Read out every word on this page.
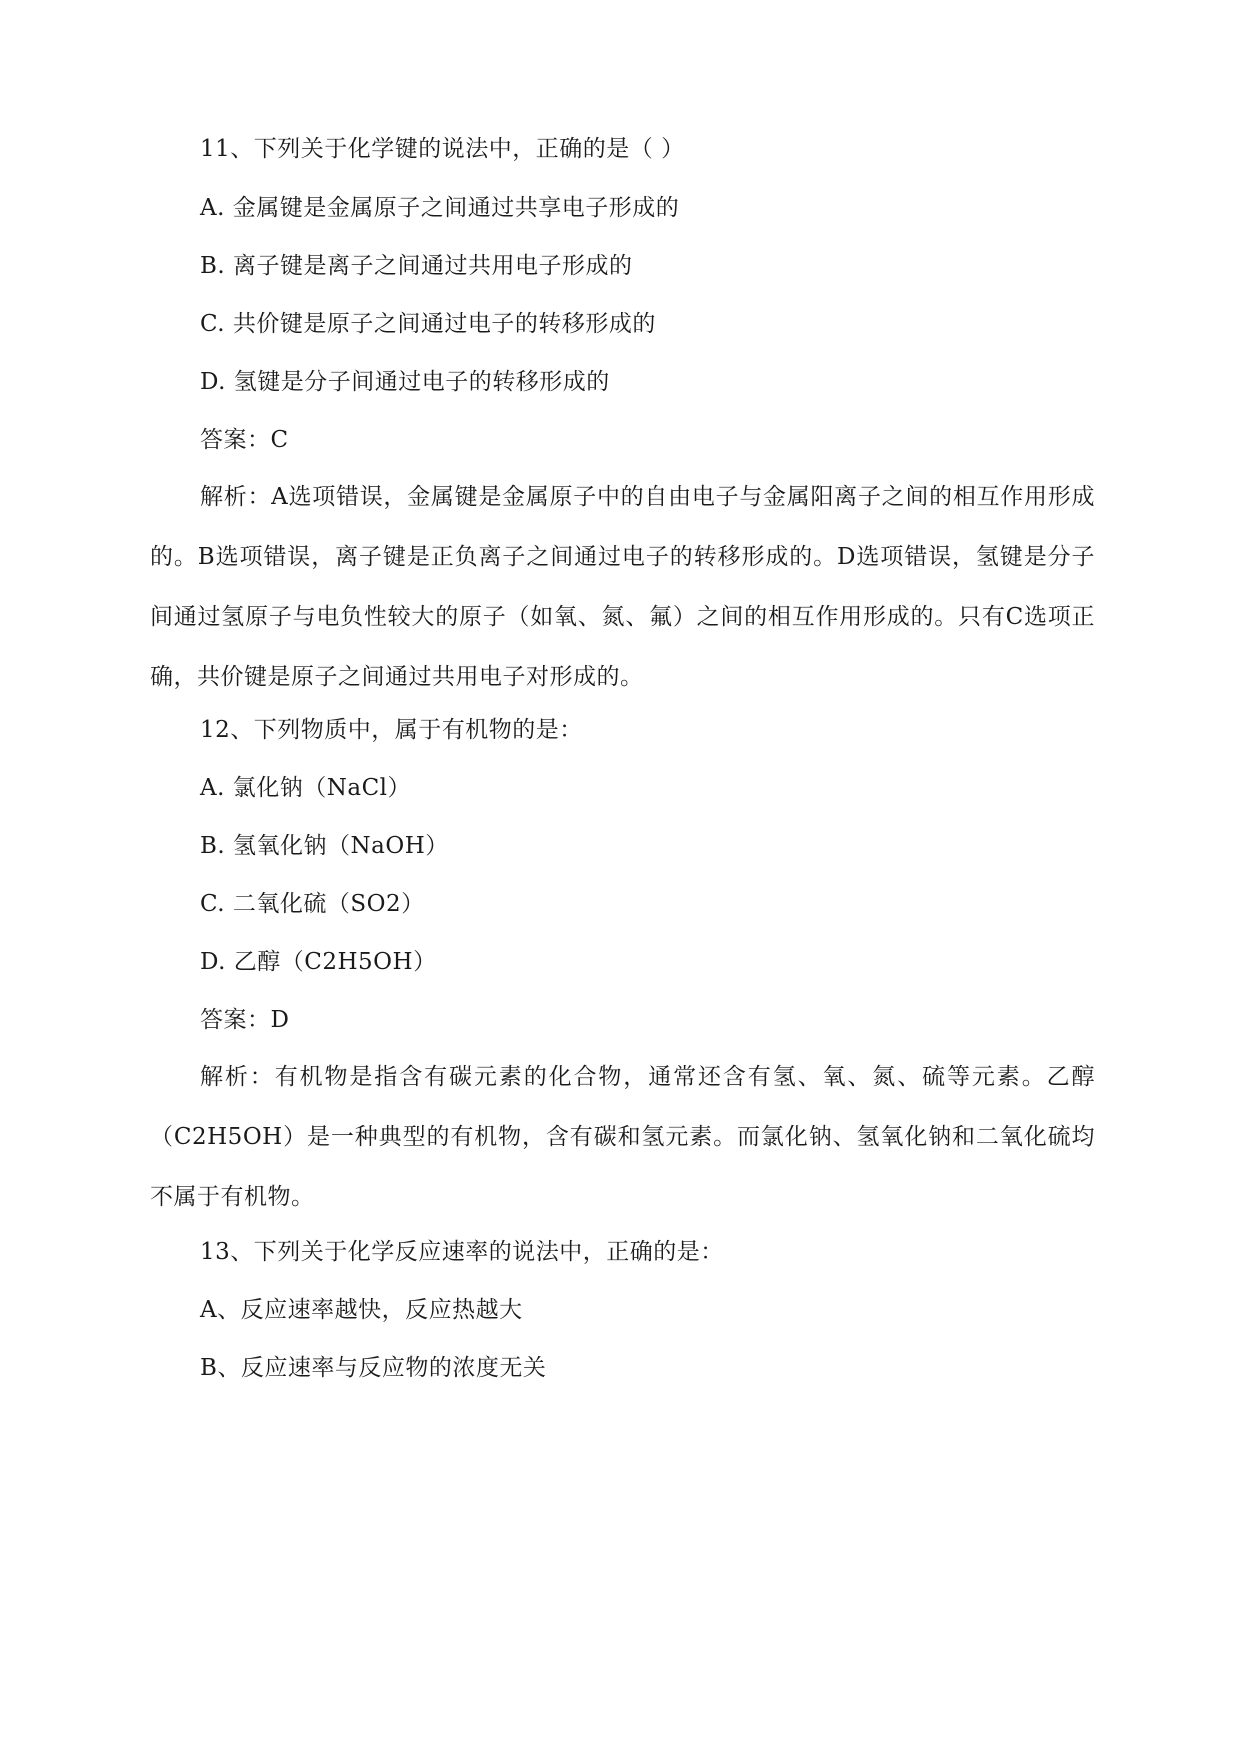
11、下列关于化学键的说法中，正确的是（ ）
A. 金属键是金属原子之间通过共享电子形成的
B. 离子键是离子之间通过共用电子形成的
C. 共价键是原子之间通过电子的转移形成的
D. 氢键是分子间通过电子的转移形成的
答案：C
解析：A选项错误，金属键是金属原子中的自由电子与金属阳离子之间的相互作用形成的。B选项错误，离子键是正负离子之间通过电子的转移形成的。D选项错误，氢键是分子间通过氢原子与电负性较大的原子（如氧、氮、氟）之间的相互作用形成的。只有C选项正确，共价键是原子之间通过共用电子对形成的。
12、下列物质中，属于有机物的是：
A. 氯化钠（NaCl）
B. 氢氧化钠（NaOH）
C. 二氧化硫（SO2）
D. 乙醇（C2H5OH）
答案：D
解析：有机物是指含有碳元素的化合物，通常还含有氢、氧、氮、硫等元素。乙醇（C2H5OH）是一种典型的有机物，含有碳和氢元素。而氯化钠、氢氧化钠和二氧化硫均不属于有机物。
13、下列关于化学反应速率的说法中，正确的是：
A、反应速率越快，反应热越大
B、反应速率与反应物的浓度无关
